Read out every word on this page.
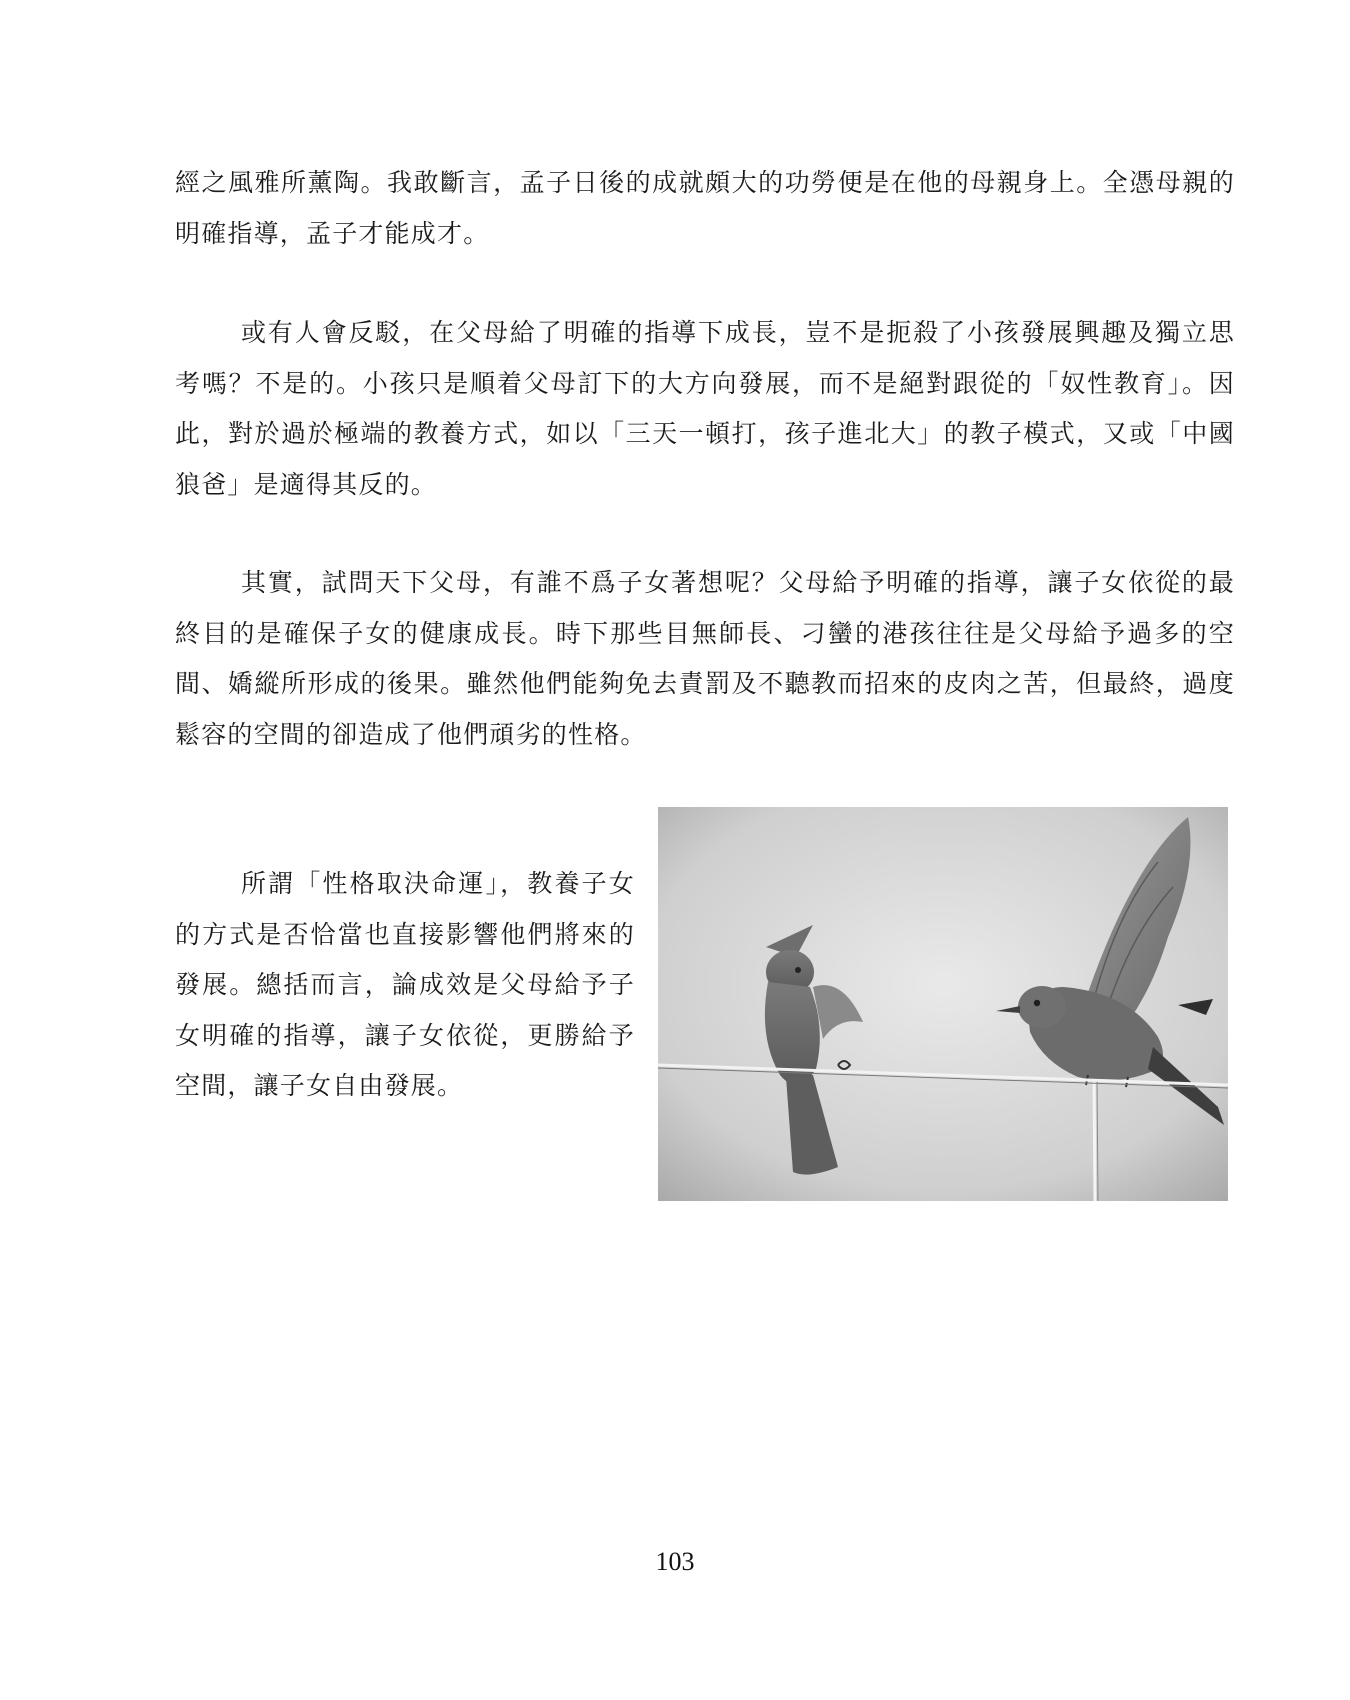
經之風雅所薰陶。我敢斷言，孟子日後的成就頗大的功勞便是在他的母親身上。全憑母親的明確指導，孟子才能成才。

或有人會反駁，在父母給了明確的指導下成長，豈不是扼殺了小孩發展興趣及獨立思考嗎？不是的。小孩只是順着父母訂下的大方向發展，而不是絕對跟從的「奴性教育」。因此，對於過於極端的教養方式，如以「三天一頓打，孩子進北大」的教子模式，又或「中國狼爸」是適得其反的。

其實，試問天下父母，有誰不爲子女著想呢？父母給予明確的指導，讓子女依從的最終目的是確保子女的健康成長。時下那些目無師長、刁蠻的港孩往往是父母給予過多的空間、嬌縱所形成的後果。雖然他們能夠免去責罰及不聽教而招來的皮肉之苦，但最終，過度鬆容的空間的卻造成了他們頑劣的性格。

所謂「性格取決命運」，教養子女的方式是否恰當也直接影響他們將來的發展。總括而言，論成效是父母給予子女明確的指導，讓子女依從，更勝給予空間，讓子女自由發展。

103
